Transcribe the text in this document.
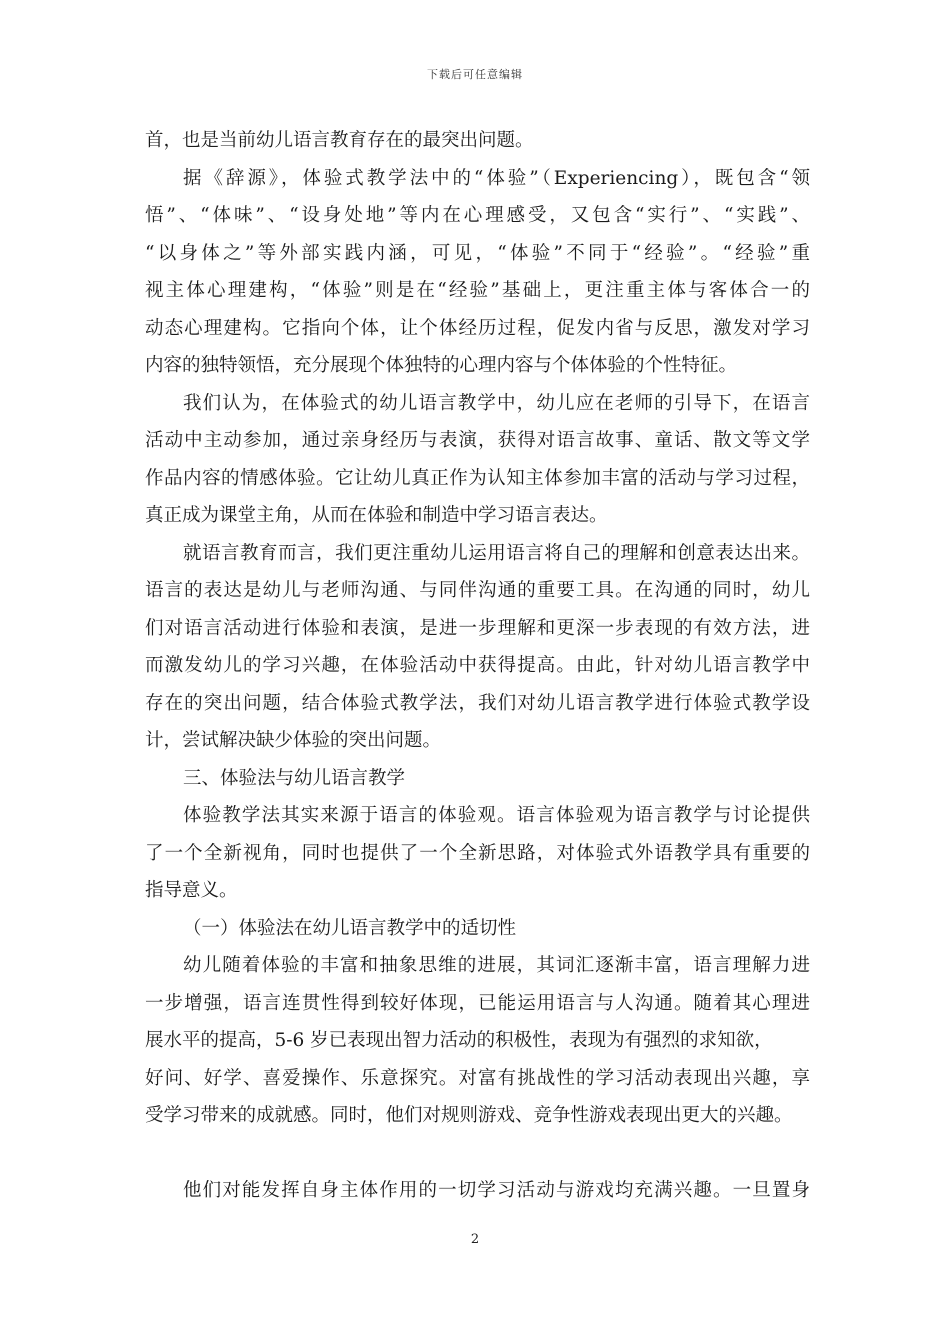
下载后可任意编辑
首，也是当前幼儿语言教育存在的最突出问题。
据《辞源》，体验式教学法中的“体验”（Experiencing），既包含“领
悟”、“体味”、“设身处地”等内在心理感受，又包含“实行”、“实践”、
“以身体之”等外部实践内涵，可见，“体验”不同于“经验”。“经验”重
视主体心理建构，“体验”则是在“经验”基础上，更注重主体与客体合一的
动态心理建构。它指向个体，让个体经历过程，促发内省与反思，激发对学习
内容的独特领悟，充分展现个体独特的心理内容与个体体验的个性特征。
我们认为，在体验式的幼儿语言教学中，幼儿应在老师的引导下，在语言
活动中主动参加，通过亲身经历与表演，获得对语言故事、童话、散文等文学
作品内容的情感体验。它让幼儿真正作为认知主体参加丰富的活动与学习过程，
真正成为课堂主角，从而在体验和制造中学习语言表达。
就语言教育而言，我们更注重幼儿运用语言将自己的理解和创意表达出来。
语言的表达是幼儿与老师沟通、与同伴沟通的重要工具。在沟通的同时，幼儿
们对语言活动进行体验和表演，是进一步理解和更深一步表现的有效方法，进
而激发幼儿的学习兴趣，在体验活动中获得提高。由此，针对幼儿语言教学中
存在的突出问题，结合体验式教学法，我们对幼儿语言教学进行体验式教学设
计，尝试解决缺少体验的突出问题。
三、体验法与幼儿语言教学
体验教学法其实来源于语言的体验观。语言体验观为语言教学与讨论提供
了一个全新视角，同时也提供了一个全新思路，对体验式外语教学具有重要的
指导意义。
（一）体验法在幼儿语言教学中的适切性
幼儿随着体验的丰富和抽象思维的进展，其词汇逐渐丰富，语言理解力进
一步增强，语言连贯性得到较好体现，已能运用语言与人沟通。随着其心理进
展水平的提高，5-6 岁已表现出智力活动的积极性，表现为有强烈的求知欲，
好问、好学、喜爱操作、乐意探究。对富有挑战性的学习活动表现出兴趣，享
受学习带来的成就感。同时，他们对规则游戏、竞争性游戏表现出更大的兴趣。
他们对能发挥自身主体作用的一切学习活动与游戏均充满兴趣。一旦置身
2
